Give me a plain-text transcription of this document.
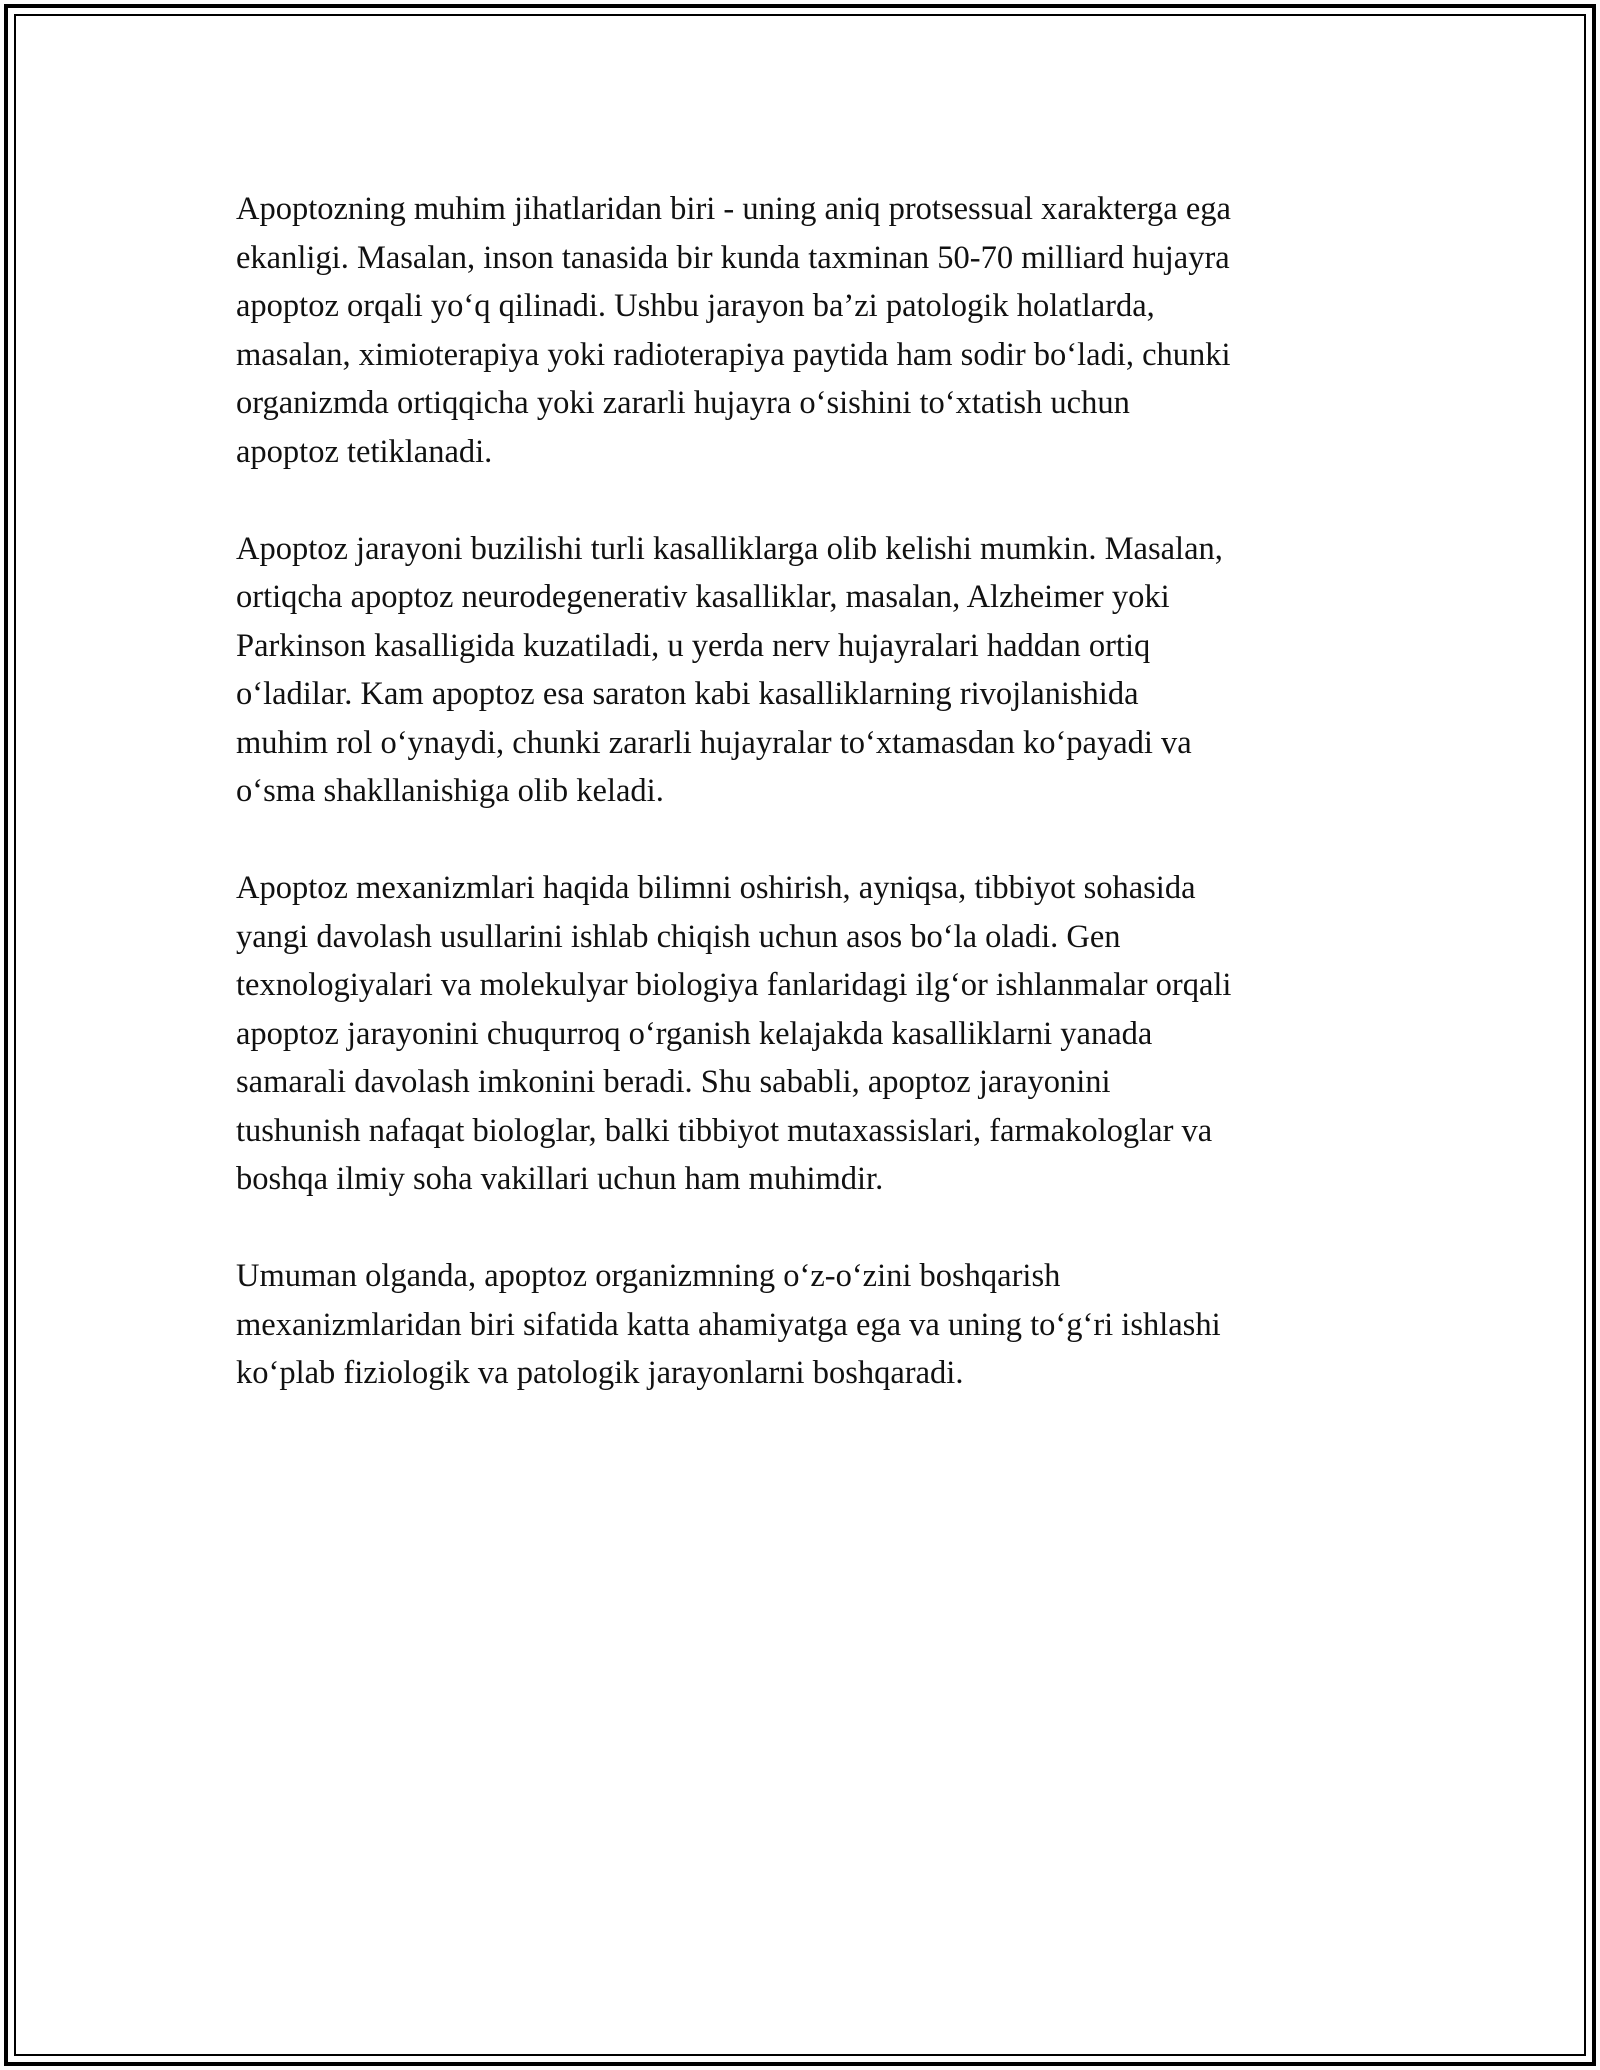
Apoptozning muhim jihatlaridan biri - uning aniq protsessual xarakterga ega
ekanligi. Masalan, inson tanasida bir kunda taxminan 50-70 milliard hujayra
apoptoz orqali yo‘q qilinadi. Ushbu jarayon ba’zi patologik holatlarda,
masalan, ximioterapiya yoki radioterapiya paytida ham sodir bo‘ladi, chunki
organizmda ortiqqicha yoki zararli hujayra o‘sishini to‘xtatish uchun
apoptoz tetiklanadi.

Apoptoz jarayoni buzilishi turli kasalliklarga olib kelishi mumkin. Masalan,
ortiqcha apoptoz neurodegenerativ kasalliklar, masalan, Alzheimer yoki
Parkinson kasalligida kuzatiladi, u yerda nerv hujayralari haddan ortiq
o‘ladilar. Kam apoptoz esa saraton kabi kasalliklarning rivojlanishida
muhim rol o‘ynaydi, chunki zararli hujayralar to‘xtamasdan ko‘payadi va
o‘sma shakllanishiga olib keladi.

Apoptoz mexanizmlari haqida bilimni oshirish, ayniqsa, tibbiyot sohasida
yangi davolash usullarini ishlab chiqish uchun asos bo‘la oladi. Gen
texnologiyalari va molekulyar biologiya fanlaridagi ilg‘or ishlanmalar orqali
apoptoz jarayonini chuqurroq o‘rganish kelajakda kasalliklarni yanada
samarali davolash imkonini beradi. Shu sababli, apoptoz jarayonini
tushunish nafaqat biologlar, balki tibbiyot mutaxassislari, farmakologlar va
boshqa ilmiy soha vakillari uchun ham muhimdir.

Umuman olganda, apoptoz organizmning o‘z-o‘zini boshqarish
mexanizmlaridan biri sifatida katta ahamiyatga ega va uning to‘g‘ri ishlashi
ko‘plab fiziologik va patologik jarayonlarni boshqaradi.
